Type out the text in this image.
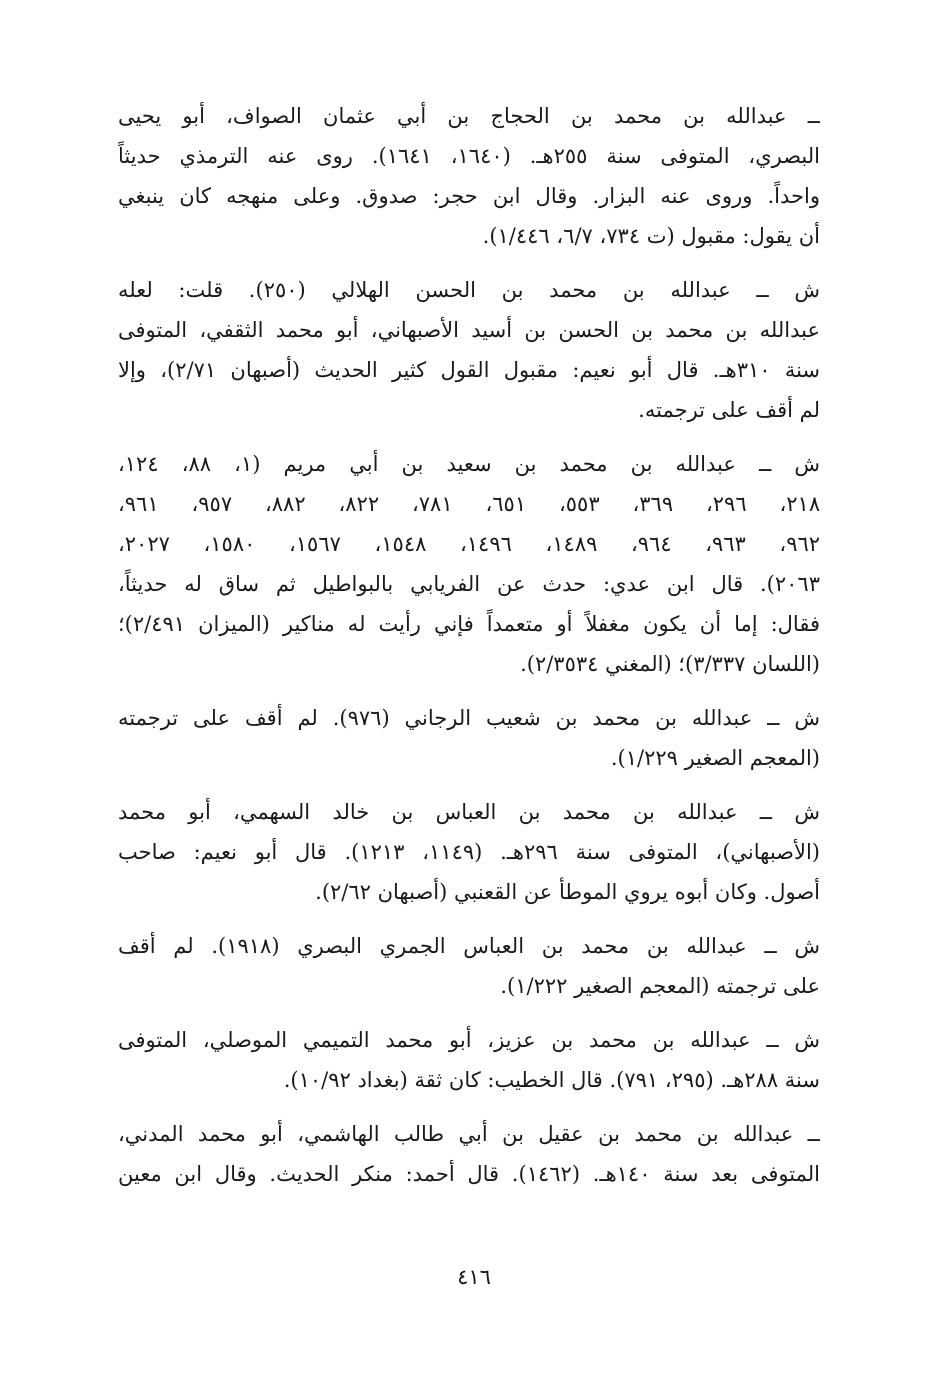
ــ عبدالله بن محمد بن الحجاج بن أبي عثمان الصواف، أبو يحيى
البصري، المتوفى سنة ٢٥٥هـ. (١٦٤٠، ١٦٤١). روى عنه الترمذي حديثاً
واحداً. وروى عنه البزار. وقال ابن حجر: صدوق. وعلى منهجه كان ينبغي
أن يقول: مقبول (ت ٧٣٤، ٦/٧، ١/٤٤٦).
ش ــ عبدالله بن محمد بن الحسن الهلالي (٢٥٠). قلت: لعله
عبدالله بن محمد بن الحسن بن أسيد الأصبهاني، أبو محمد الثقفي، المتوفى
سنة ٣١٠هـ. قال أبو نعيم: مقبول القول كثير الحديث (أصبهان ٢/٧١)، وإلا
لم أقف على ترجمته.
ش ــ عبدالله بن محمد بن سعيد بن أبي مريم (١، ٨٨، ١٢٤،
٢١٨، ٢٩٦، ٣٦٩، ٥٥٣، ٦٥١، ٧٨١، ٨٢٢، ٨٨٢، ٩٥٧، ٩٦١،
٩٦٢، ٩٦٣، ٩٦٤، ١٤٨٩، ١٤٩٦، ١٥٤٨، ١٥٦٧، ١٥٨٠، ٢٠٢٧،
٢٠٦٣). قال ابن عدي: حدث عن الفريابي بالبواطيل ثم ساق له حديثاً،
فقال: إما أن يكون مغفلاً أو متعمداً فإني رأيت له مناكير (الميزان ٢/٤٩١)؛
(اللسان ٣/٣٣٧)؛ (المغني ٢/٣٥٣٤).
ش ــ عبدالله بن محمد بن شعيب الرجاني (٩٧٦). لم أقف على ترجمته
(المعجم الصغير ١/٢٢٩).
ش ــ عبدالله بن محمد بن العباس بن خالد السهمي، أبو محمد
(الأصبهاني)، المتوفى سنة ٢٩٦هـ. (١١٤٩، ١٢١٣). قال أبو نعيم: صاحب
أصول. وكان أبوه يروي الموطأ عن القعنبي (أصبهان ٢/٦٢).
ش ــ عبدالله بن محمد بن العباس الجمري البصري (١٩١٨). لم أقف
على ترجمته (المعجم الصغير ١/٢٢٢).
ش ــ عبدالله بن محمد بن عزيز، أبو محمد التميمي الموصلي، المتوفى
سنة ٢٨٨هـ. (٢٩٥، ٧٩١). قال الخطيب: كان ثقة (بغداد ١٠/٩٢).
ــ عبدالله بن محمد بن عقيل بن أبي طالب الهاشمي، أبو محمد المدني،
المتوفى بعد سنة ١٤٠هـ. (١٤٦٢). قال أحمد: منكر الحديث. وقال ابن معين
٤١٦
